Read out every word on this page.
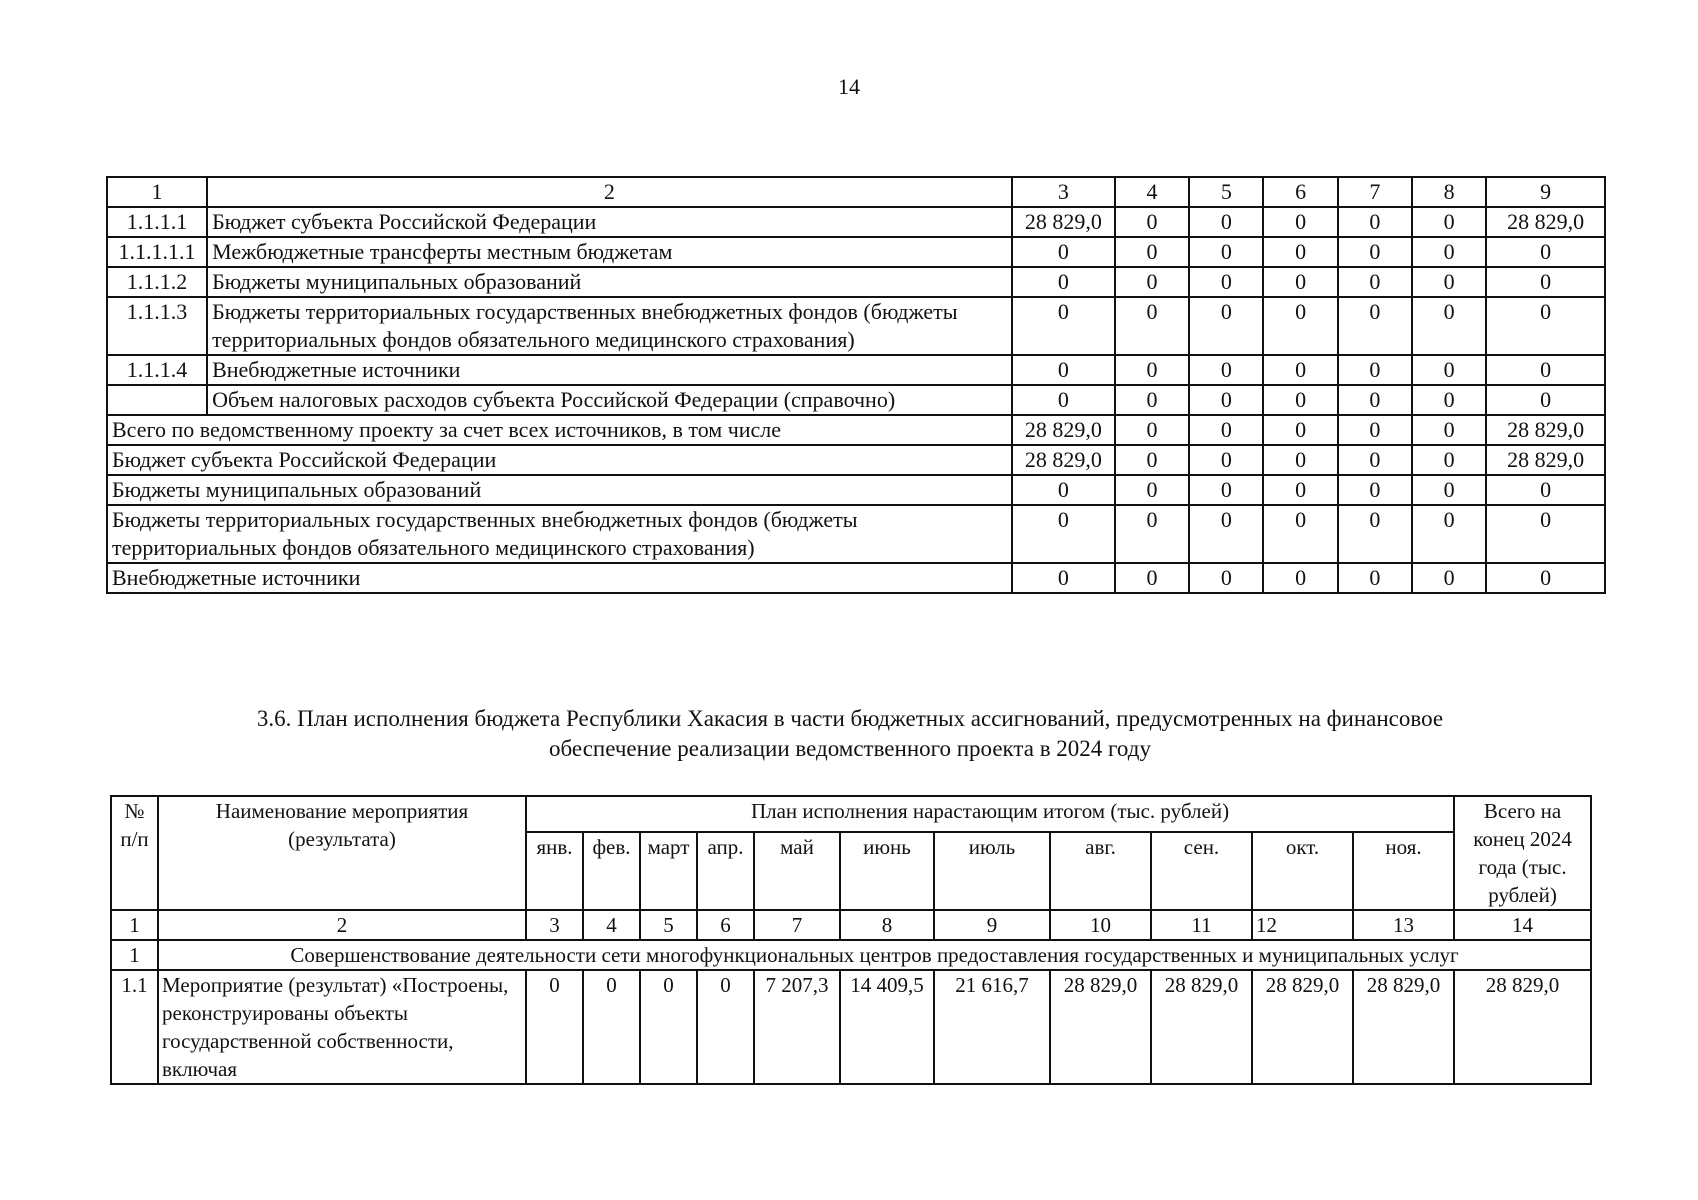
14
1	2	3	4	5	6	7	8	9
1.1.1.1	Бюджет субъекта Российской Федерации	28 829,0	0	0	0	0	0	28 829,0
1.1.1.1.1	Межбюджетные трансферты местным бюджетам	0	0	0	0	0	0	0
1.1.1.2	Бюджеты муниципальных образований	0	0	0	0	0	0	0
1.1.1.3	Бюджеты территориальных государственных внебюджетных фондов (бюджеты территориальных фондов обязательного медицинского страхования)	0	0	0	0	0	0	0
1.1.1.4	Внебюджетные источники	0	0	0	0	0	0	0
	Объем налоговых расходов субъекта Российской Федерации (справочно)	0	0	0	0	0	0	0
Всего по ведомственному проекту за счет всех источников, в том числе		28 829,0	0	0	0	0	0	28 829,0
Бюджет субъекта Российской Федерации		28 829,0	0	0	0	0	0	28 829,0
Бюджеты муниципальных образований		0	0	0	0	0	0	0
Бюджеты территориальных государственных внебюджетных фондов (бюджеты территориальных фондов обязательного медицинского страхования)		0	0	0	0	0	0	0
Внебюджетные источники		0	0	0	0	0	0	0
3.6. План исполнения бюджета Республики Хакасия в части бюджетных ассигнований, предусмотренных на финансовое
обеспечение реализации ведомственного проекта в 2024 году
№ п/п	Наименование мероприятия (результата)	План исполнения нарастающим итогом (тыс. рублей)											Всего на конец 2024 года (тыс. рублей)
		янв.	фев.	март	апр.	май	июнь	июль	авг.	сен.	окт.	ноя.	
1	2	3	4	5	6	7	8	9	10	11	12	13	14
1	Совершенствование деятельности сети многофункциональных центров предоставления государственных и муниципальных услуг												
1.1	Мероприятие (результат) «Построены, реконструированы объекты государственной собственности, включая	0	0	0	0	7 207,3	14 409,5	21 616,7	28 829,0	28 829,0	28 829,0	28 829,0	28 829,0
